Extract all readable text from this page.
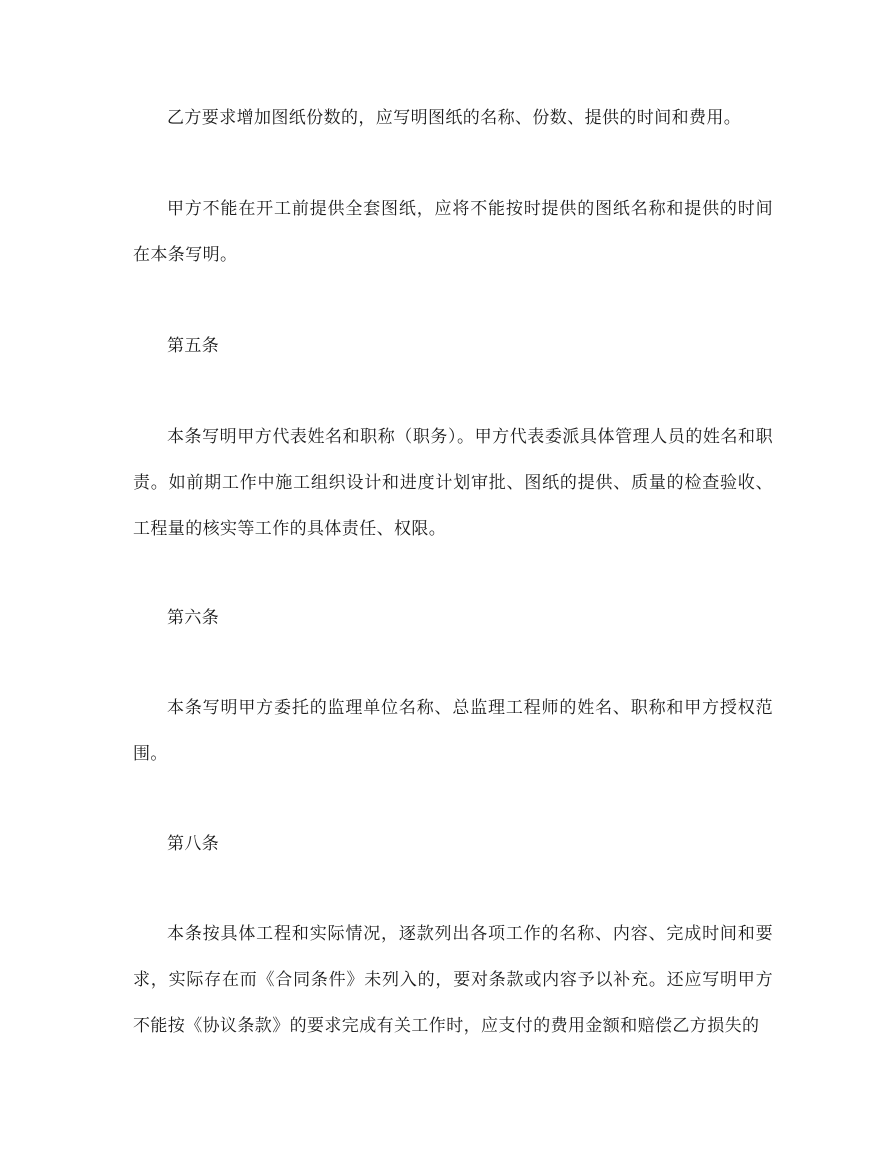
乙方要求增加图纸份数的，应写明图纸的名称、份数、提供的时间和费用。

甲方不能在开工前提供全套图纸，应将不能按时提供的图纸名称和提供的时间在本条写明。

第五条

本条写明甲方代表姓名和职称（职务）。甲方代表委派具体管理人员的姓名和职责。如前期工作中施工组织设计和进度计划审批、图纸的提供、质量的检查验收、工程量的核实等工作的具体责任、权限。

第六条

本条写明甲方委托的监理单位名称、总监理工程师的姓名、职称和甲方授权范围。

第八条

本条按具体工程和实际情况，逐款列出各项工作的名称、内容、完成时间和要求，实际存在而《合同条件》未列入的，要对条款或内容予以补充。还应写明甲方不能按《协议条款》的要求完成有关工作时，应支付的费用金额和赔偿乙方损失的
